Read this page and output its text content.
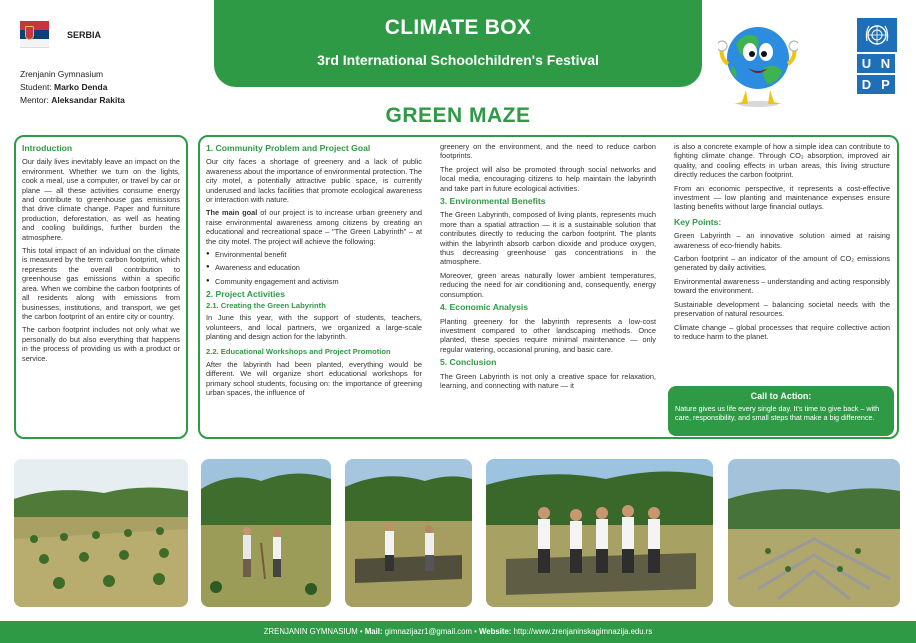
SERBIA
Zrenjanin Gymnasium
Student: Marko Denda
Mentor: Aleksandar Rakita
CLIMATE BOX
3rd International Schoolchildren's Festival	U N
D P
GREEN MAZE
Introduction

Our daily lives inevitably leave an impact on the environment. Whether we turn on the lights, cook a meal, use a computer, or travel by car or plane — all these activities consume energy and contribute to greenhouse gas emissions that drive climate change. Paper and furniture production, deforestation, as well as heating and cooling buildings, further burden the atmosphere.

This total impact of an individual on the climate is measured by the term carbon footprint, which represents the overall contribution to greenhouse gas emissions within a specific area. When we combine the carbon footprints of all residents along with emissions from businesses, institutions, and transport, we get the carbon footprint of an entire city or country.

The carbon footprint includes not only what we personally do but also everything that happens in the process of providing us with a product or service.

1. Community Problem and Project Goal

Our city faces a shortage of greenery and a lack of public awareness about the importance of environmental protection. The city motel, a potentially attractive public space, is currently underused and lacks facilities that promote ecological awareness or interaction with nature.

The main goal of our project is to increase urban greenery and raise environmental awareness among citizens by creating an educational and recreational space – "The Green Labyrinth" – at the city motel. The project will achieve the following:

● Environmental benefit
● Awareness and education
● Community engagement and activism
2. Project Activities
2.1. Creating the Green Labyrinth

In June this year, with the support of students, teachers, volunteers, and local partners, we organized a large-scale planting and design action for the labyrinth.

2.2. Educational Workshops and Project Promotion

After the labyrinth had been planted, everything would be different. We will organize short educational workshops for primary school students, focusing on: the importance of greening urban spaces, the influence of

greenery on the environment, and the need to reduce carbon footprints.

The project will also be promoted through social networks and local media, encouraging citizens to help maintain the labyrinth and take part in future ecological activities.

3. Environmental Benefits

The Green Labyrinth, composed of living plants, represents much more than a spatial attraction — it is a sustainable solution that contributes directly to reducing the carbon footprint. The plants within the labyrinth absorb carbon dioxide and produce oxygen, thus decreasing greenhouse gas concentrations in the atmosphere.

Moreover, green areas naturally lower ambient temperatures, reducing the need for air conditioning and, consequently, energy consumption.

4. Economic Analysis

Planting greenery for the labyrinth represents a low-cost investment compared to other landscaping methods. Once planted, these species require minimal maintenance — only regular watering, occasional pruning, and basic care.

5. Conclusion

The Green Labyrinth is not only a creative space for relaxation, learning, and connecting with nature — it

is also a concrete example of how a simple idea can contribute to fighting climate change. Through CO₂ absorption, improved air quality, and cooling effects in urban areas, this living structure directly reduces the carbon footprint.

From an economic perspective, it represents a cost-effective investment — low planting and maintenance expenses ensure lasting benefits without large financial outlays.

Key Points:

Green Labyrinth – an innovative solution aimed at raising awareness of eco-friendly habits.

Carbon footprint – an indicator of the amount of CO₂ emissions generated by daily activities.

Environmental awareness – understanding and acting responsibly toward the environment.

Sustainable development – balancing societal needs with the preservation of natural resources.

Climate change – global processes that require collective action to reduce harm to the planet.

Call to Action:
Nature gives us life every single day. It's time to give back – with care, responsibility, and small steps that make a big difference.
ZRENJANIN GYMNASIUM • Mail: gimnazijazr1@gmail.com • Website: http://www.zrenjaninskagimnazija.edu.rs
